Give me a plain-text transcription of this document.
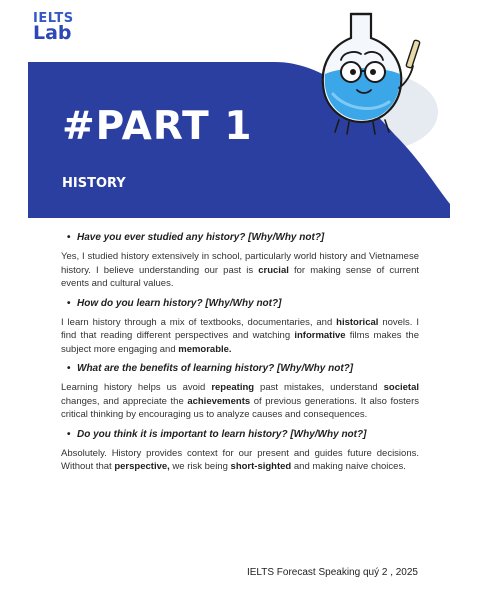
IELTS
Lab
#PART 1
HISTORY
• Have you ever studied any history? [Why/Why not?]

Yes, I studied history extensively in school, particularly world history and Vietnamese history. I believe understanding our past is crucial for making sense of current events and cultural values.

• How do you learn history? [Why/Why not?]

I learn history through a mix of textbooks, documentaries, and historical novels. I find that reading different perspectives and watching informative films makes the subject more engaging and memorable.

• What are the benefits of learning history? [Why/Why not?]

Learning history helps us avoid repeating past mistakes, understand societal changes, and appreciate the achievements of previous generations. It also fosters critical thinking by encouraging us to analyze causes and consequences.

• Do you think it is important to learn history? [Why/Why not?]

Absolutely. History provides context for our present and guides future decisions. Without that perspective, we risk being short-sighted and making naive choices.

IELTS Forecast Speaking quý 2 , 2025
